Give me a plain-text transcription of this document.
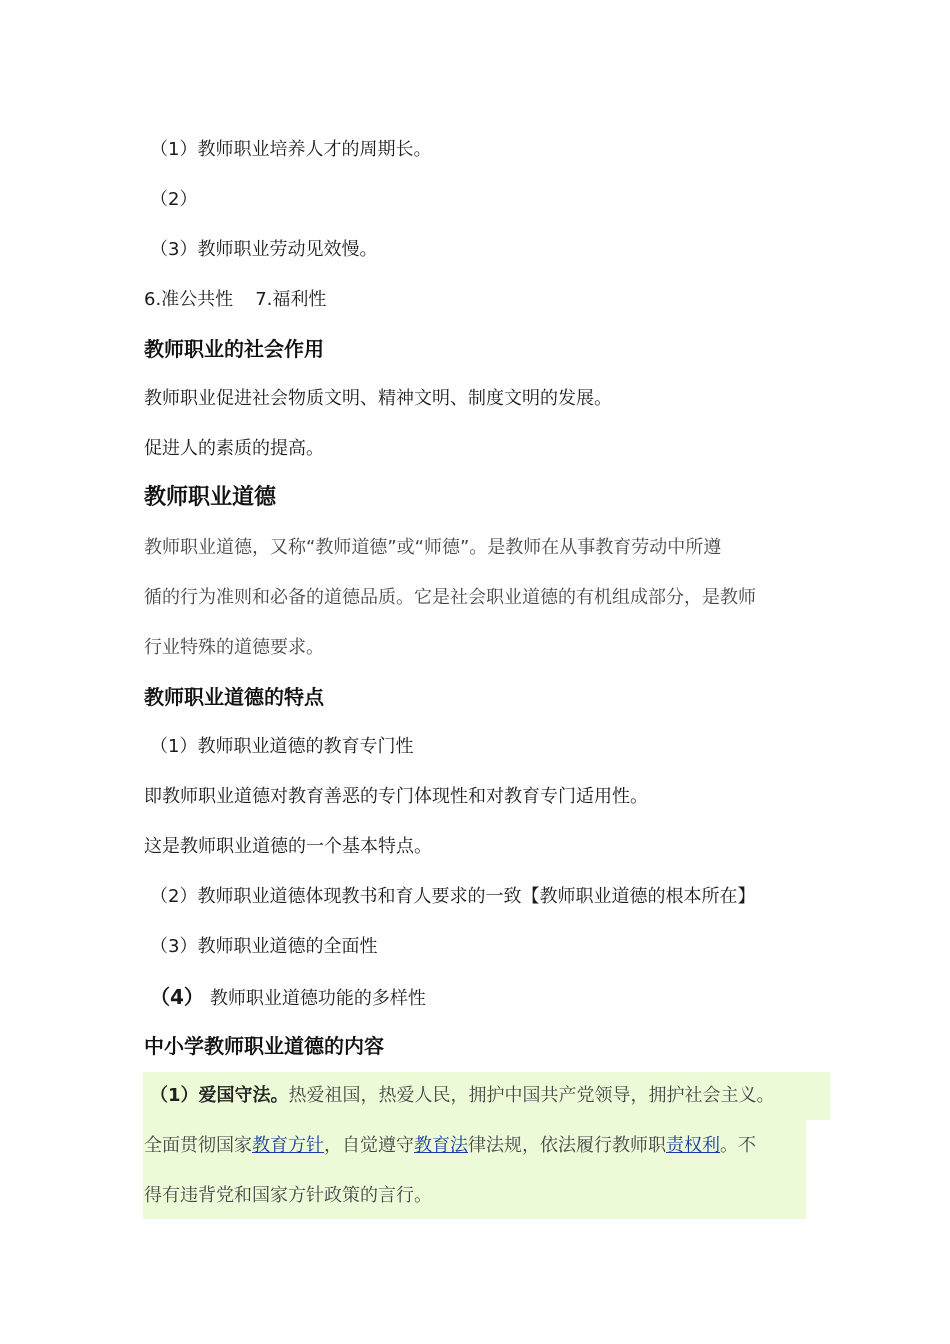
（1）教师职业培养人才的周期长。
（2）
（3）教师职业劳动见效慢。
6.准公共性 7.福利性
教师职业的社会作用
教师职业促进社会物质文明、精神文明、制度文明的发展。
促进人的素质的提高。
教师职业道德
教师职业道德，又称“教师道德”或“师德”。是教师在从事教育劳动中所遵
循的行为准则和必备的道德品质。它是社会职业道德的有机组成部分，是教师
行业特殊的道德要求。
教师职业道德的特点
（1）教师职业道德的教育专门性
即教师职业道德对教育善恶的专门体现性和对教育专门适用性。
这是教师职业道德的一个基本特点。
（2）教师职业道德体现教书和育人要求的一致【教师职业道德的根本所在】
（3）教师职业道德的全面性
（4） 教师职业道德功能的多样性
中小学教师职业道德的内容
（1）爱国守法。热爱祖国，热爱人民，拥护中国共产党领导，拥护社会主义。
全面贯彻国家教育方针，自觉遵守教育法律法规，依法履行教师职责权利。不
得有违背党和国家方针政策的言行。
